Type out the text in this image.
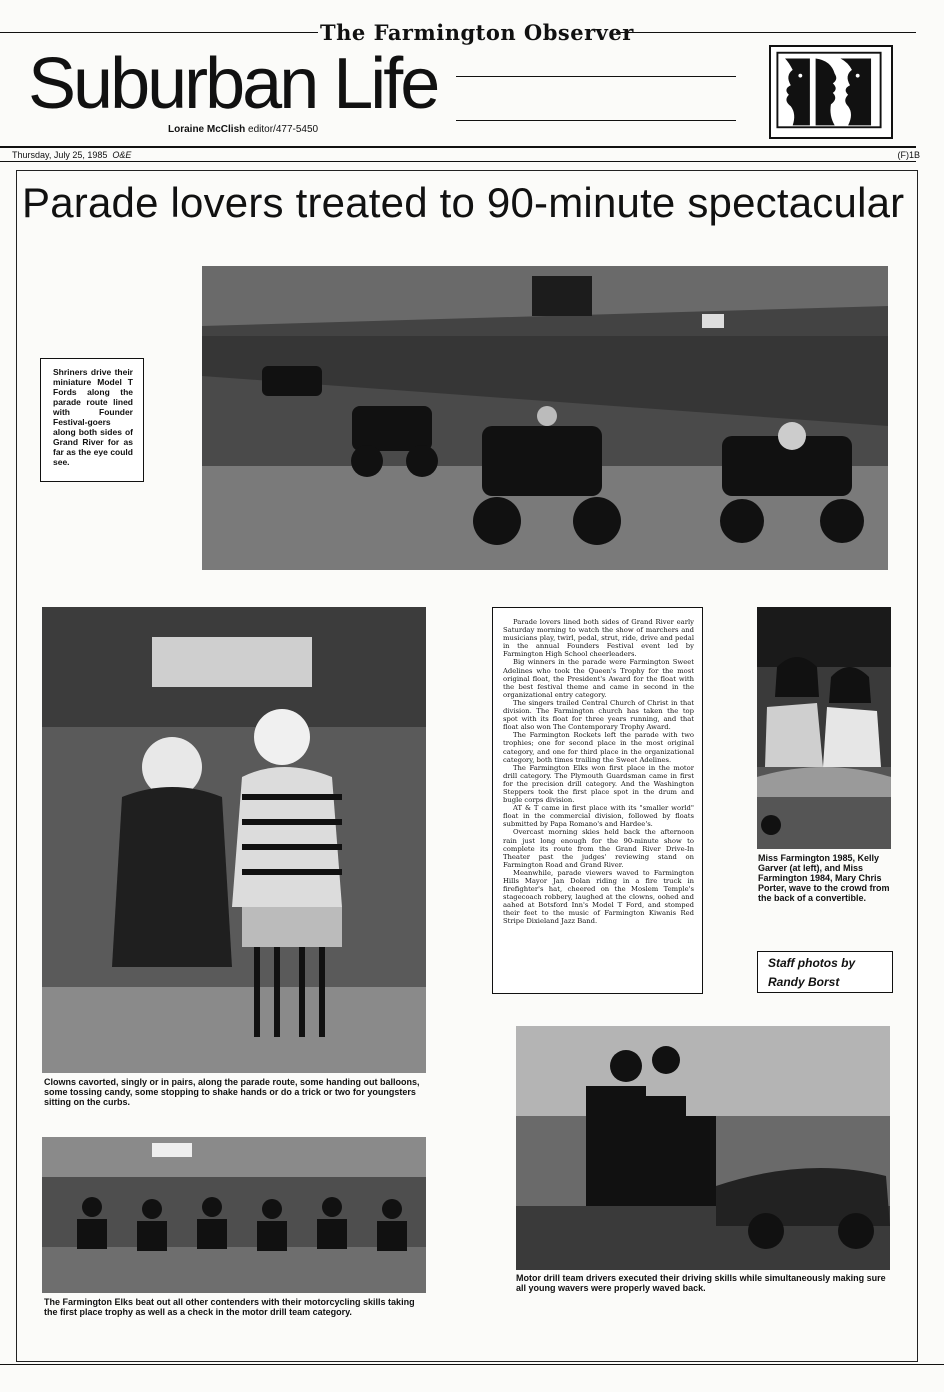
The Farmington Observer
Suburban Life
Loraine McClish editor/477-5450
Thursday, July 25, 1985 O&E	(F)1B
Parade lovers treated to 90-minute spectacular

Shriners drive their miniature Model T Fords along the parade route lined with Founder Festival-goers along both sides of Grand River for as far as the eye could see.

Clowns cavorted, singly or in pairs, along the parade route, some handing out balloons, some tossing candy, some stopping to shake hands or do a trick or two for youngsters sitting on the curbs.

Parade lovers lined both sides of Grand River early Saturday morning to watch the show of marchers and musicians play, twirl, pedal, strut, ride, drive and pedal in the annual Founders Festival event led by Farmington High School cheerleaders.

Big winners in the parade were Farmington Sweet Adelines who took the Queen's Trophy for the most original float, the President's Award for the float with the best festival theme and came in second in the organizational entry category.

The singers trailed Central Church of Christ in that division. The Farmington church has taken the top spot with its float for three years running, and that float also won The Contemporary Trophy Award.

The Farmington Rockets left the parade with two trophies; one for second place in the most original category, and one for third place in the organizational category, both times trailing the Sweet Adelines.

The Farmington Elks won first place in the motor drill category. The Plymouth Guardsman came in first for the precision drill category. And the Washington Steppers took the first place spot in the drum and bugle corps division.

AT & T came in first place with its "smaller world" float in the commercial division, followed by floats submitted by Papa Romano's and Hardee's.

Overcast morning skies held back the afternoon rain just long enough for the 90-minute show to complete its route from the Grand River Drive-In Theater past the judges' reviewing stand on Farmington Road and Grand River.

Meanwhile, parade viewers waved to Farmington Hills Mayor Jan Dolan riding in a fire truck in firefighter's hat, cheered on the Moslem Temple's stagecoach robbery, laughed at the clowns, oohed and aahed at Botsford Inn's Model T Ford, and stomped their feet to the music of Farmington Kiwanis Red Stripe Dixieland Jazz Band.

Miss Farmington 1985, Kelly Garver (at left), and Miss Farmington 1984, Mary Chris Porter, wave to the crowd from the back of a convertible.
Staff photos by
Randy Borst
The Farmington Elks beat out all other contenders with their motorcycling skills taking the first place trophy as well as a check in the motor drill team category.
Motor drill team drivers executed their driving skills while simultaneously making sure all young wavers were properly waved back.
